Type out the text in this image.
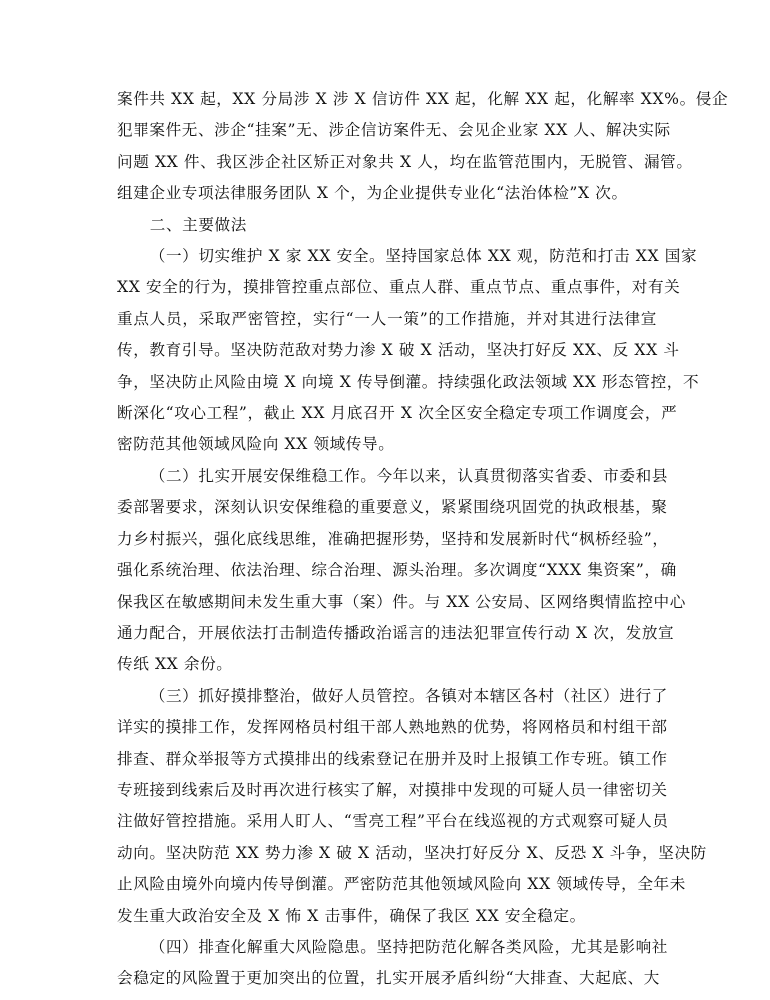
案件共 XX 起，XX 分局涉 X 涉 X 信访件 XX 起，化解 XX 起，化解率 XX%。侵企
犯罪案件无、涉企“挂案”无、涉企信访案件无、会见企业家 XX 人、解决实际
问题 XX 件、我区涉企社区矫正对象共 X 人，均在监管范围内，无脱管、漏管。
组建企业专项法律服务团队 X 个，为企业提供专业化“法治体检”X 次。
二、主要做法
（一）切实维护 X 家 XX 安全。坚持国家总体 XX 观，防范和打击 XX 国家
XX 安全的行为，摸排管控重点部位、重点人群、重点节点、重点事件，对有关
重点人员，采取严密管控，实行“一人一策”的工作措施，并对其进行法律宣
传，教育引导。坚决防范敌对势力渗 X 破 X 活动，坚决打好反 XX、反 XX 斗
争，坚决防止风险由境 X 向境 X 传导倒灌。持续强化政法领域 XX 形态管控，不
断深化“攻心工程”，截止 XX 月底召开 X 次全区安全稳定专项工作调度会，严
密防范其他领域风险向 XX 领域传导。
（二）扎实开展安保维稳工作。今年以来，认真贯彻落实省委、市委和县
委部署要求，深刻认识安保维稳的重要意义，紧紧围绕巩固党的执政根基，聚
力乡村振兴，强化底线思维，准确把握形势，坚持和发展新时代“枫桥经验”，
强化系统治理、依法治理、综合治理、源头治理。多次调度“XXX 集资案”，确
保我区在敏感期间未发生重大事（案）件。与 XX 公安局、区网络舆情监控中心
通力配合，开展依法打击制造传播政治谣言的违法犯罪宣传行动 X 次，发放宣
传纸 XX 余份。
（三）抓好摸排整治，做好人员管控。各镇对本辖区各村（社区）进行了
详实的摸排工作，发挥网格员村组干部人熟地熟的优势，将网格员和村组干部
排查、群众举报等方式摸排出的线索登记在册并及时上报镇工作专班。镇工作
专班接到线索后及时再次进行核实了解，对摸排中发现的可疑人员一律密切关
注做好管控措施。采用人盯人、“雪亮工程”平台在线巡视的方式观察可疑人员
动向。坚决防范 XX 势力渗 X 破 X 活动，坚决打好反分 X、反恐 X 斗争，坚决防
止风险由境外向境内传导倒灌。严密防范其他领域风险向 XX 领域传导，全年未
发生重大政治安全及 X 怖 X 击事件，确保了我区 XX 安全稳定。
（四）排查化解重大风险隐患。坚持把防范化解各类风险，尤其是影响社
会稳定的风险置于更加突出的位置，扎实开展矛盾纠纷“大排查、大起底、大
